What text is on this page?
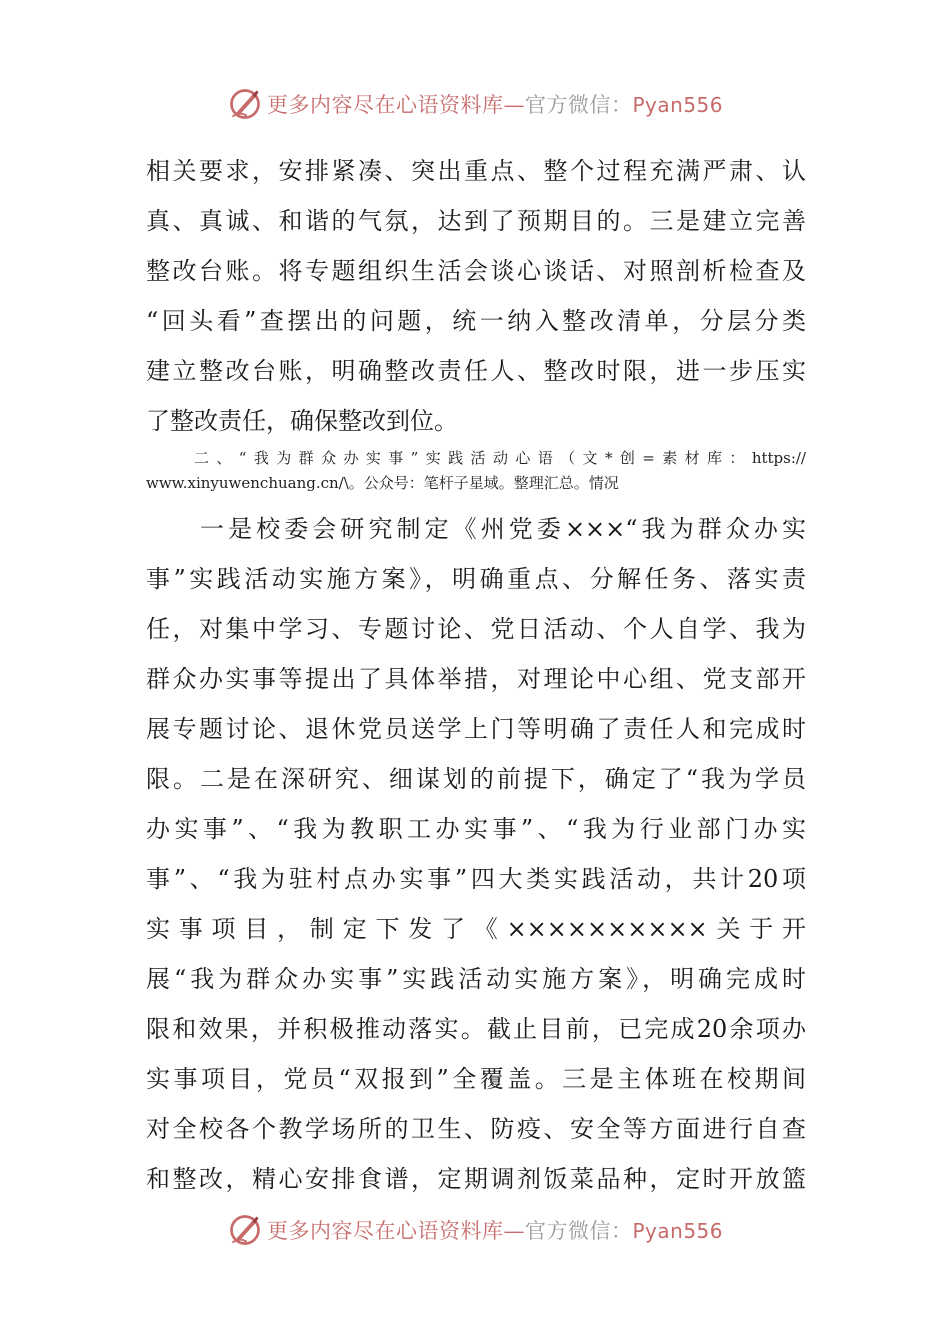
更多内容尽在心语资料库—官方微信：Pyan556
相关要求，安排紧凑、突出重点、整个过程充满严肃、认
真、真诚、和谐的气氛，达到了预期目的。三是建立完善
整改台账。将专题组织生活会谈心谈话、对照剖析检查及
“回头看”查摆出的问题，统一纳入整改清单，分层分类
建立整改台账，明确整改责任人、整改时限，进一步压实
了整改责任，确保整改到位。
二、“我为群众办实事”实践活动心语（文*创=素材库：https://
www.xinyuwenchuang.cn/\。公众号：笔杆子星域。整理汇总。情况
一是校委会研究制定《州党委×××“我为群众办实
事”实践活动实施方案》，明确重点、分解任务、落实责
任，对集中学习、专题讨论、党日活动、个人自学、我为
群众办实事等提出了具体举措，对理论中心组、党支部开
展专题讨论、退休党员送学上门等明确了责任人和完成时
限。二是在深研究、细谋划的前提下，确定了“我为学员
办实事”、“我为教职工办实事”、“我为行业部门办实
事”、“我为驻村点办实事”四大类实践活动，共计20项
实事项目，制定下发了《××××××××××关于开
展“我为群众办实事”实践活动实施方案》，明确完成时
限和效果，并积极推动落实。截止目前，已完成20余项办
实事项目，党员“双报到”全覆盖。三是主体班在校期间
对全校各个教学场所的卫生、防疫、安全等方面进行自查
和整改，精心安排食谱，定期调剂饭菜品种，定时开放篮
更多内容尽在心语资料库—官方微信：Pyan556
